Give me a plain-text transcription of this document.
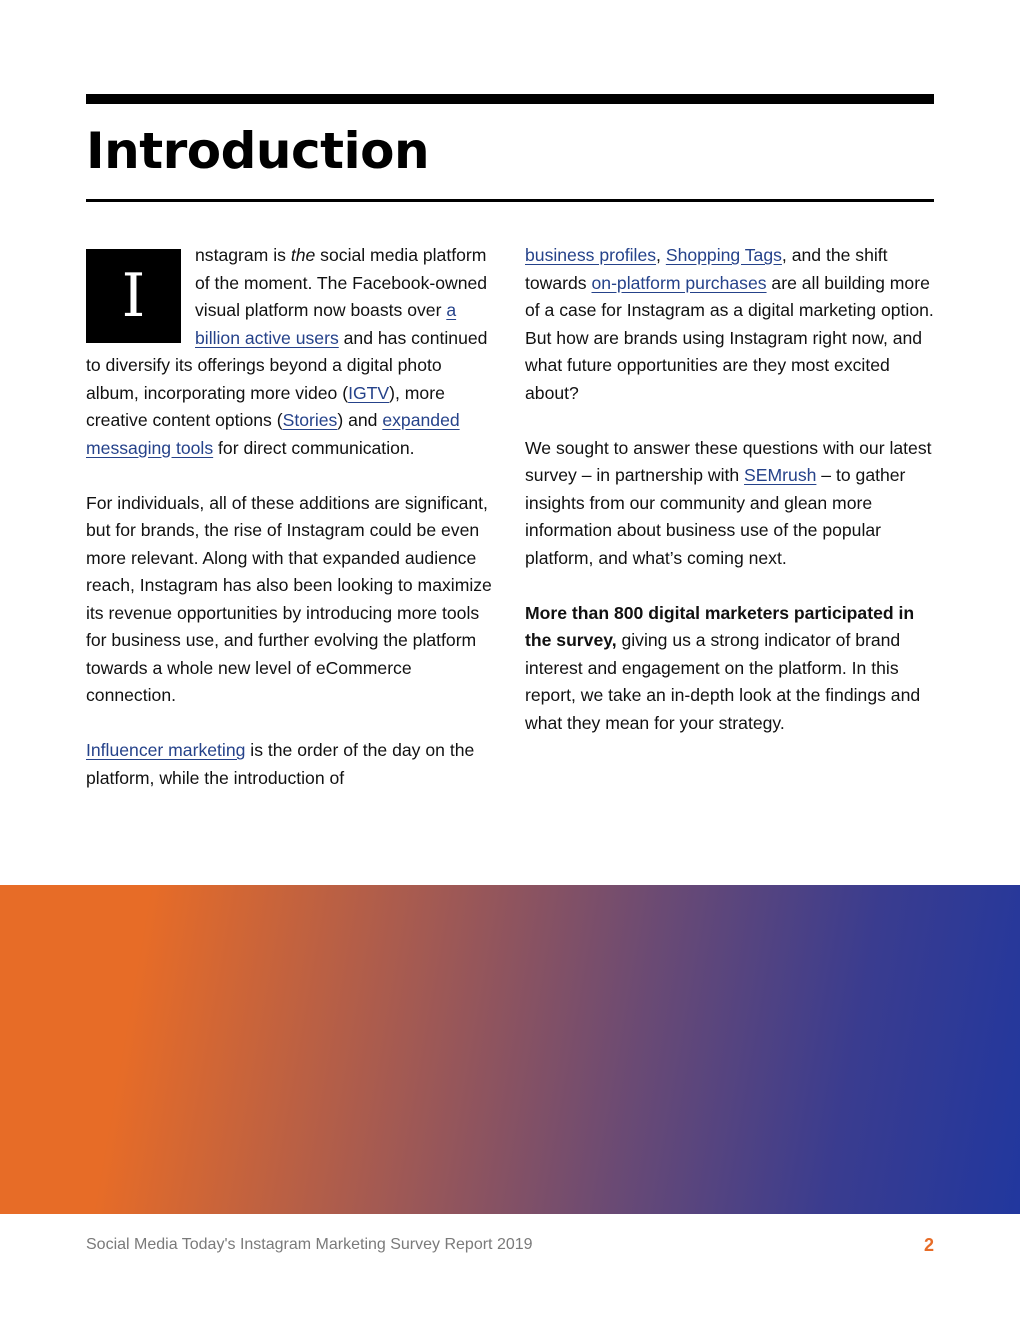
Introduction

I
nstagram is the social media platform of the moment. The Facebook-owned visual platform now boasts over a billion active users and has continued to diversify its offerings beyond a digital photo album, incorporating more video (IGTV), more creative content options (Stories) and expanded messaging tools for direct communication.

For individuals, all of these additions are significant, but for brands, the rise of Instagram could be even more relevant. Along with that expanded audience reach, Instagram has also been looking to maximize its revenue opportunities by introducing more tools for business use, and further evolving the platform towards a whole new level of eCommerce connection.

Influencer marketing is the order of the day on the platform, while the introduction of

business profiles, Shopping Tags, and the shift towards on-platform purchases are all building more of a case for Instagram as a digital marketing option. But how are brands using Instagram right now, and what future opportunities are they most excited about?

We sought to answer these questions with our latest survey – in partnership with SEMrush – to gather insights from our community and glean more information about business use of the popular platform, and what’s coming next.

More than 800 digital marketers participated in the survey, giving us a strong indicator of brand interest and engagement on the platform. In this report, we take an in-depth look at the findings and what they mean for your strategy.

Social Media Today's Instagram Marketing Survey Report 2019	2
